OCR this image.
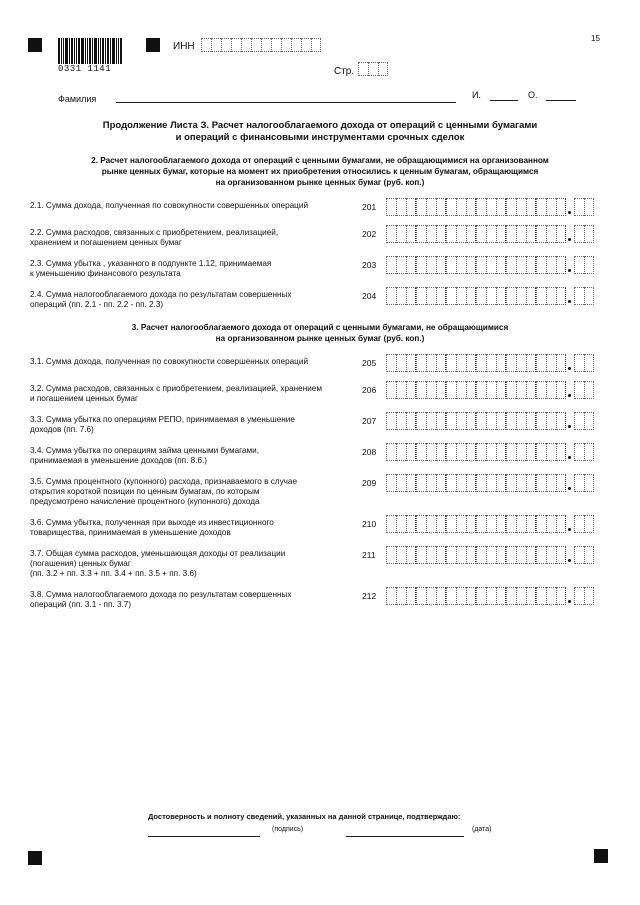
15
0331 1141
ИНН
Стр.
Фамилия	И.	О.
Продолжение Листа З. Расчет налогооблагаемого дохода от операций с ценными бумагами
и операций с финансовыми инструментами срочных сделок
2. Расчет налогооблагаемого дохода от операций с ценными бумагами, не обращающимися на организованном
рынке ценных бумаг, которые на момент их приобретения относились к ценным бумагам, обращающимся
на организованном рынке ценных бумаг (руб. коп.)
2.1. Сумма дохода, полученная по совокупности совершенных операций	201
2.2. Сумма расходов, связанных с приобретением, реализацией,
хранением и погашением ценных бумаг
202
2.3. Сумма убытка , указанного в подпункте 1.12, принимаемая
к уменьшению финансового результата
203
2.4. Сумма налогооблагаемого дохода по результатам совершенных
операций (пп. 2.1 - пп. 2.2 - пп. 2.3)
204
3. Расчет налогооблагаемого дохода от операций с ценными бумагами, не обращающимися
на организованном рынке ценных бумаг (руб. коп.)
3.1. Сумма дохода, полученная по совокупности совершенных операций	205
3.2. Сумма расходов, связанных с приобретением, реализацией, хранением
и погашением ценных бумаг
206
3.3. Сумма убытка по операциям РЕПО, принимаемая в уменьшение
доходов (пп. 7.6)
207
3.4. Сумма убытка по операциям займа ценными бумагами,
принимаемая в уменьшение доходов (пп. 8.6.)
208
3.5. Сумма процентного (купонного) расхода, признаваемого в случае
открытия короткой позиции по ценным бумагам, по которым
предусмотрено начисление процентного (купонного) дохода
209
3.6. Сумма убытка, полученная при выходе из инвестиционного
товарищества, принимаемая в уменьшение доходов
210
3.7. Общая сумма расходов, уменьшающая доходы от реализации
(погашения) ценных бумаг
(пп. 3.2 + пп. 3.3 + пп. 3.4 + пп. 3.5 + пп. 3.6)
211
3.8. Сумма налогооблагаемого дохода по результатам совершенных
операций (пп. 3.1 - пп. 3.7)
212
Достоверность и полноту сведений, указанных на данной странице, подтверждаю:
(подпись)	(дата)
